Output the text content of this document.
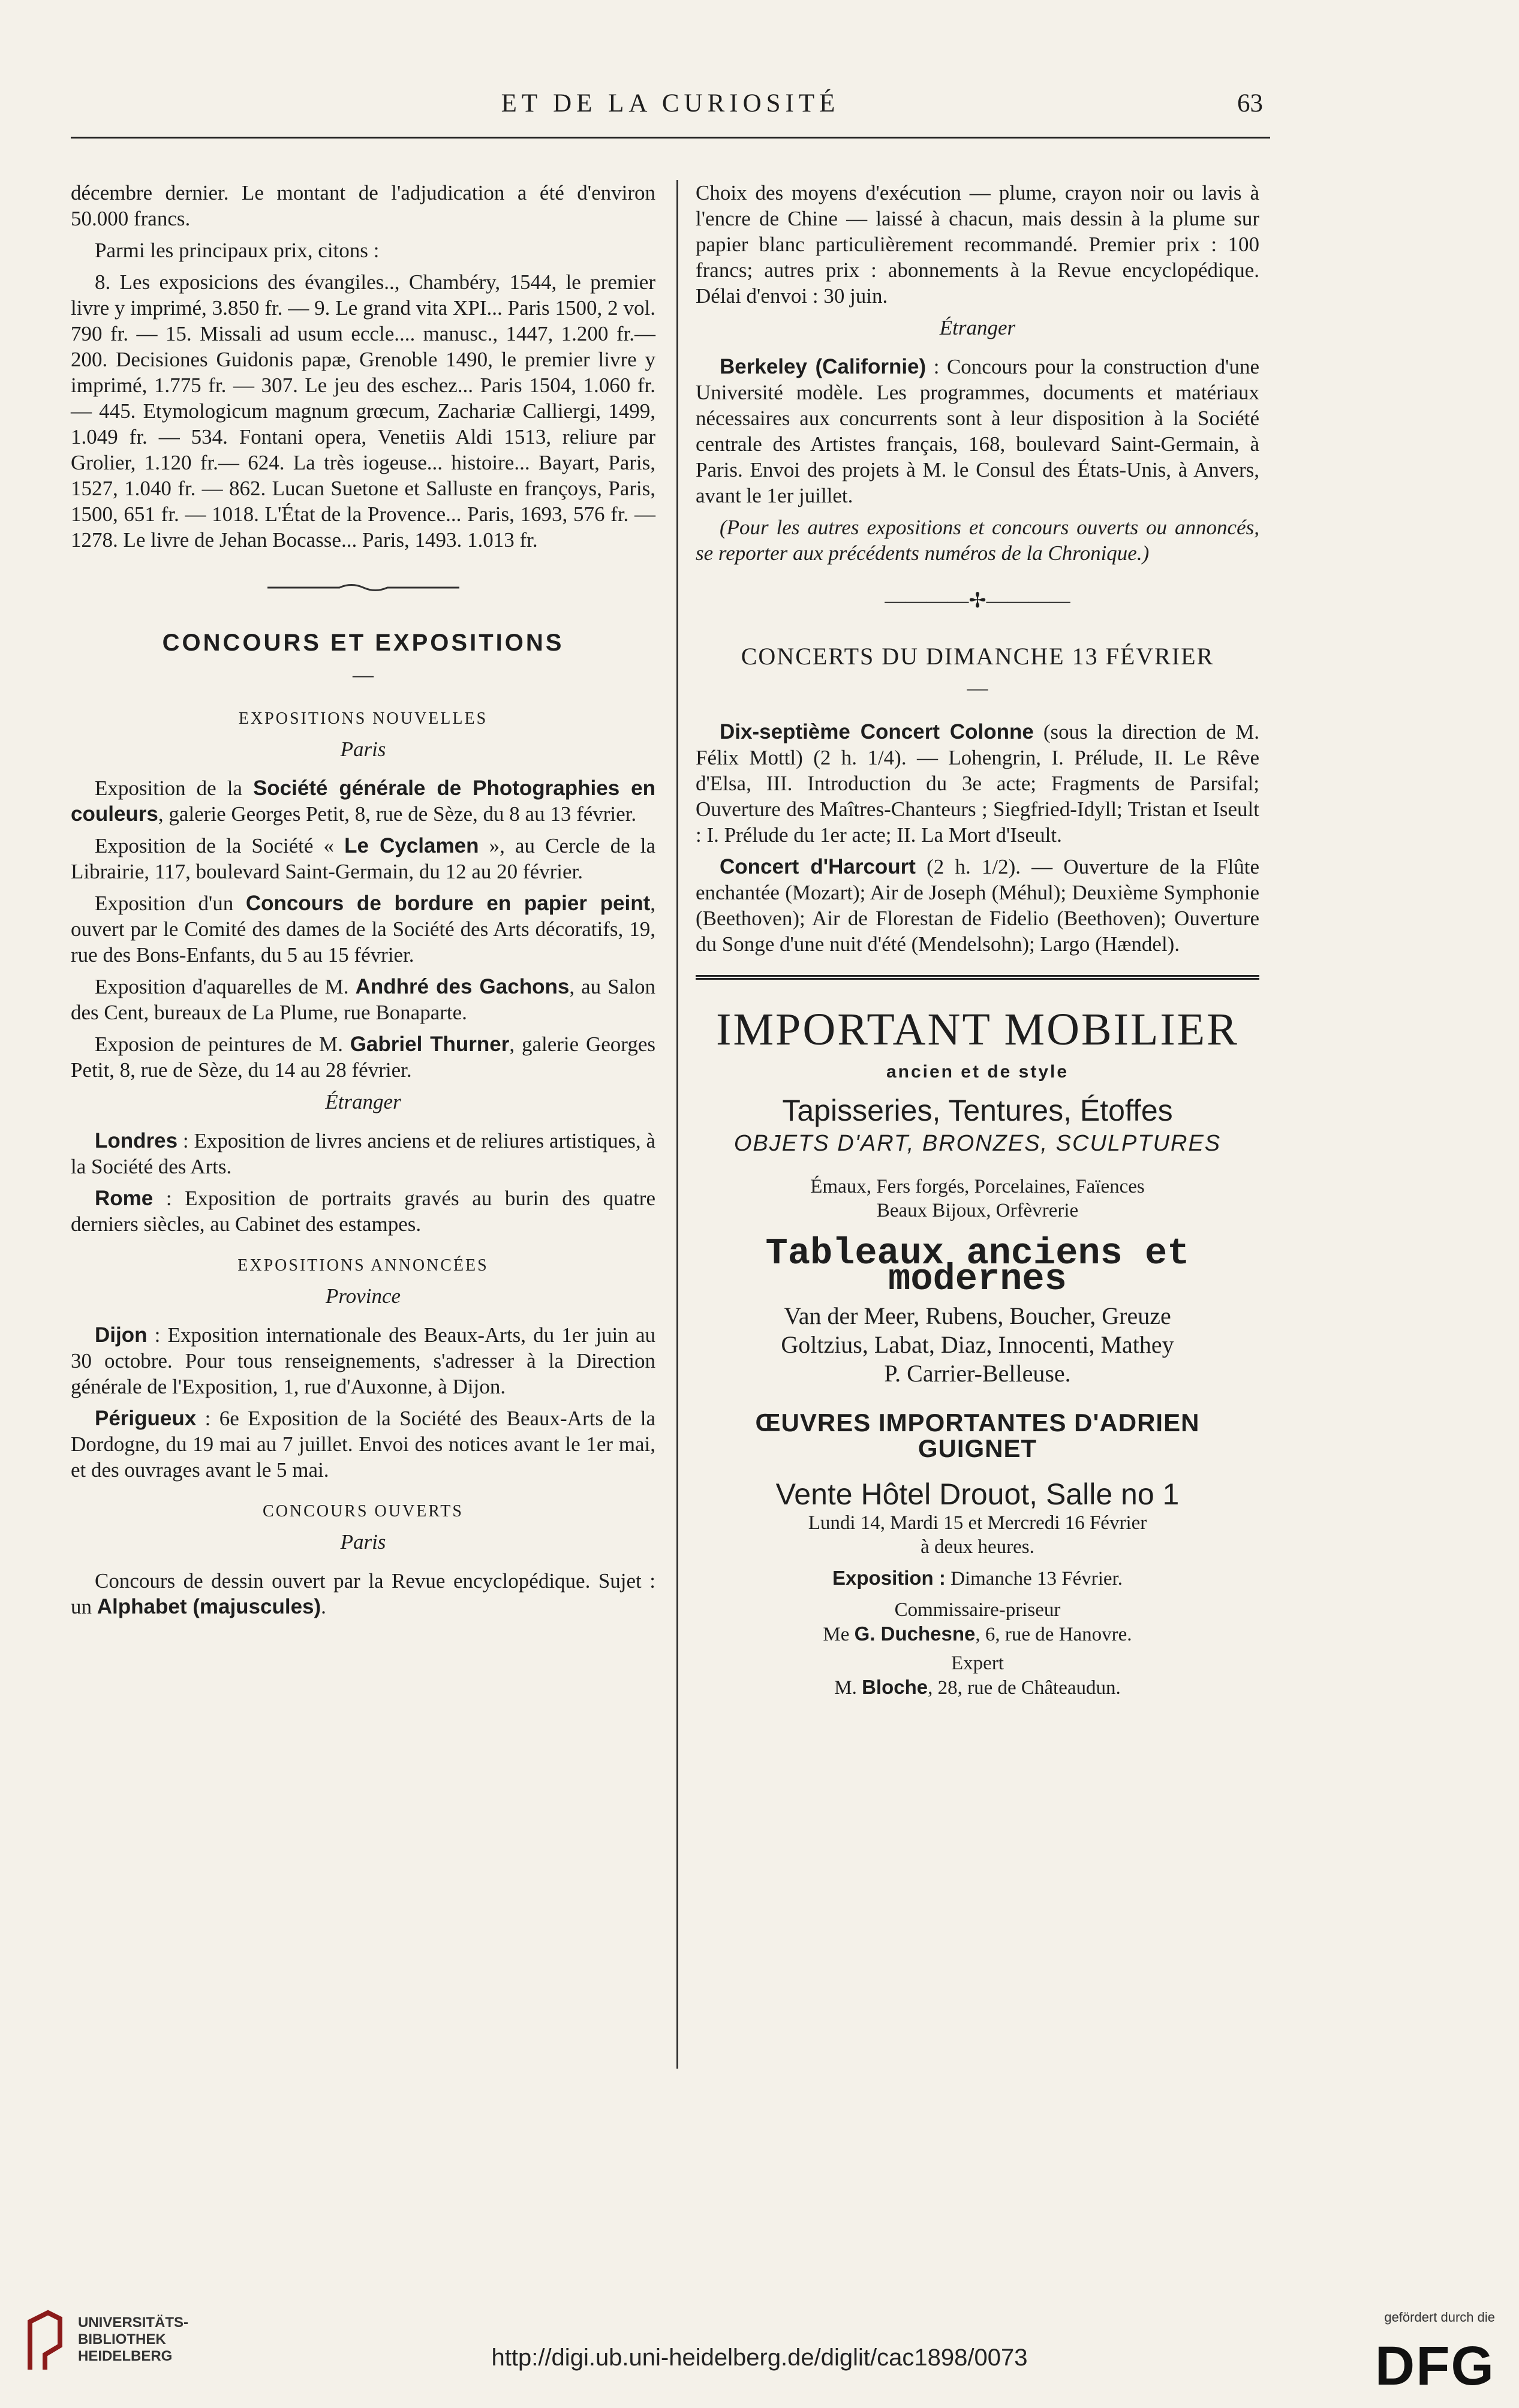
ET DE LA CURIOSITÉ	63

décembre dernier. Le montant de l'adjudication a été d'environ 50.000 francs.

Parmi les principaux prix, citons :

8. Les exposicions des évangiles.., Chambéry, 1544, le premier livre y imprimé, 3.850 fr. — 9. Le grand vita XPI... Paris 1500, 2 vol. 790 fr. — 15. Missali ad usum eccle.... manusc., 1447, 1.200 fr.— 200. Decisiones Guidonis papæ, Grenoble 1490, le premier livre y imprimé, 1.775 fr. — 307. Le jeu des eschez... Paris 1504, 1.060 fr. — 445. Etymologicum magnum grœcum, Zachariæ Calliergi, 1499, 1.049 fr. — 534. Fontani opera, Venetiis Aldi 1513, reliure par Grolier, 1.120 fr.— 624. La très iogeuse... histoire... Bayart, Paris, 1527, 1.040 fr. — 862. Lucan Suetone et Salluste en françoys, Paris, 1500, 651 fr. — 1018. L'État de la Provence... Paris, 1693, 576 fr. — 1278. Le livre de Jehan Bocasse... Paris, 1493. 1.013 fr.

CONCOURS ET EXPOSITIONS
—
EXPOSITIONS NOUVELLES
Paris

Exposition de la Société générale de Photographies en couleurs, galerie Georges Petit, 8, rue de Sèze, du 8 au 13 février.

Exposition de la Société « Le Cyclamen », au Cercle de la Librairie, 117, boulevard Saint-Germain, du 12 au 20 février.

Exposition d'un Concours de bordure en papier peint, ouvert par le Comité des dames de la Société des Arts décoratifs, 19, rue des Bons-Enfants, du 5 au 15 février.

Exposition d'aquarelles de M. Andhré des Gachons, au Salon des Cent, bureaux de La Plume, rue Bonaparte.

Exposion de peintures de M. Gabriel Thurner, galerie Georges Petit, 8, rue de Sèze, du 14 au 28 février.

Étranger

Londres : Exposition de livres anciens et de reliures artistiques, à la Société des Arts.

Rome : Exposition de portraits gravés au burin des quatre derniers siècles, au Cabinet des estampes.

EXPOSITIONS ANNONCÉES
Province

Dijon : Exposition internationale des Beaux-Arts, du 1er juin au 30 octobre. Pour tous renseignements, s'adresser à la Direction générale de l'Exposition, 1, rue d'Auxonne, à Dijon.

Périgueux : 6e Exposition de la Société des Beaux-Arts de la Dordogne, du 19 mai au 7 juillet. Envoi des notices avant le 1er mai, et des ouvrages avant le 5 mai.

CONCOURS OUVERTS
Paris

Concours de dessin ouvert par la Revue encyclopédique. Sujet : un Alphabet (majuscules).

Choix des moyens d'exécution — plume, crayon noir ou lavis à l'encre de Chine — laissé à chacun, mais dessin à la plume sur papier blanc particulièrement recommandé. Premier prix : 100 francs; autres prix : abonnements à la Revue encyclopédique. Délai d'envoi : 30 juin.

Étranger

Berkeley (Californie) : Concours pour la construction d'une Université modèle. Les programmes, documents et matériaux nécessaires aux concurrents sont à leur disposition à la Société centrale des Artistes français, 168, boulevard Saint-Germain, à Paris. Envoi des projets à M. le Consul des États-Unis, à Anvers, avant le 1er juillet.

(Pour les autres expositions et concours ouverts ou annoncés, se reporter aux précédents numéros de la Chronique.)

————✢————
CONCERTS DU DIMANCHE 13 FÉVRIER
—

Dix-septième Concert Colonne (sous la direction de M. Félix Mottl) (2 h. 1/4). — Lohengrin, I. Prélude, II. Le Rêve d'Elsa, III. Introduction du 3e acte; Fragments de Parsifal; Ouverture des Maîtres-Chanteurs ; Siegfried-Idyll; Tristan et Iseult : I. Prélude du 1er acte; II. La Mort d'Iseult.

Concert d'Harcourt (2 h. 1/2). — Ouverture de la Flûte enchantée (Mozart); Air de Joseph (Méhul); Deuxième Symphonie (Beethoven); Air de Florestan de Fidelio (Beethoven); Ouverture du Songe d'une nuit d'été (Mendelsohn); Largo (Hændel).

IMPORTANT MOBILIER
ancien et de style
Tapisseries, Tentures, Étoffes
OBJETS D'ART, BRONZES, SCULPTURES
Émaux, Fers forgés, Porcelaines, Faïences
Beaux Bijoux, Orfèvrerie
Tableaux anciens et modernes
Van der Meer, Rubens, Boucher, Greuze
Goltzius, Labat, Diaz, Innocenti, Mathey
P. Carrier-Belleuse.
ŒUVRES IMPORTANTES D'ADRIEN GUIGNET
Vente Hôtel Drouot, Salle no 1
Lundi 14, Mardi 15 et Mercredi 16 Février
à deux heures.
Exposition : Dimanche 13 Février.
Commissaire-priseur
Me G. Duchesne, 6, rue de Hanovre.
Expert
M. Bloche, 28, rue de Châteaudun.
UNIVERSITÄTS-
BIBLIOTHEK
HEIDELBERG	http://digi.ub.uni-heidelberg.de/diglit/cac1898/0073
gefördert durch die
DFG
